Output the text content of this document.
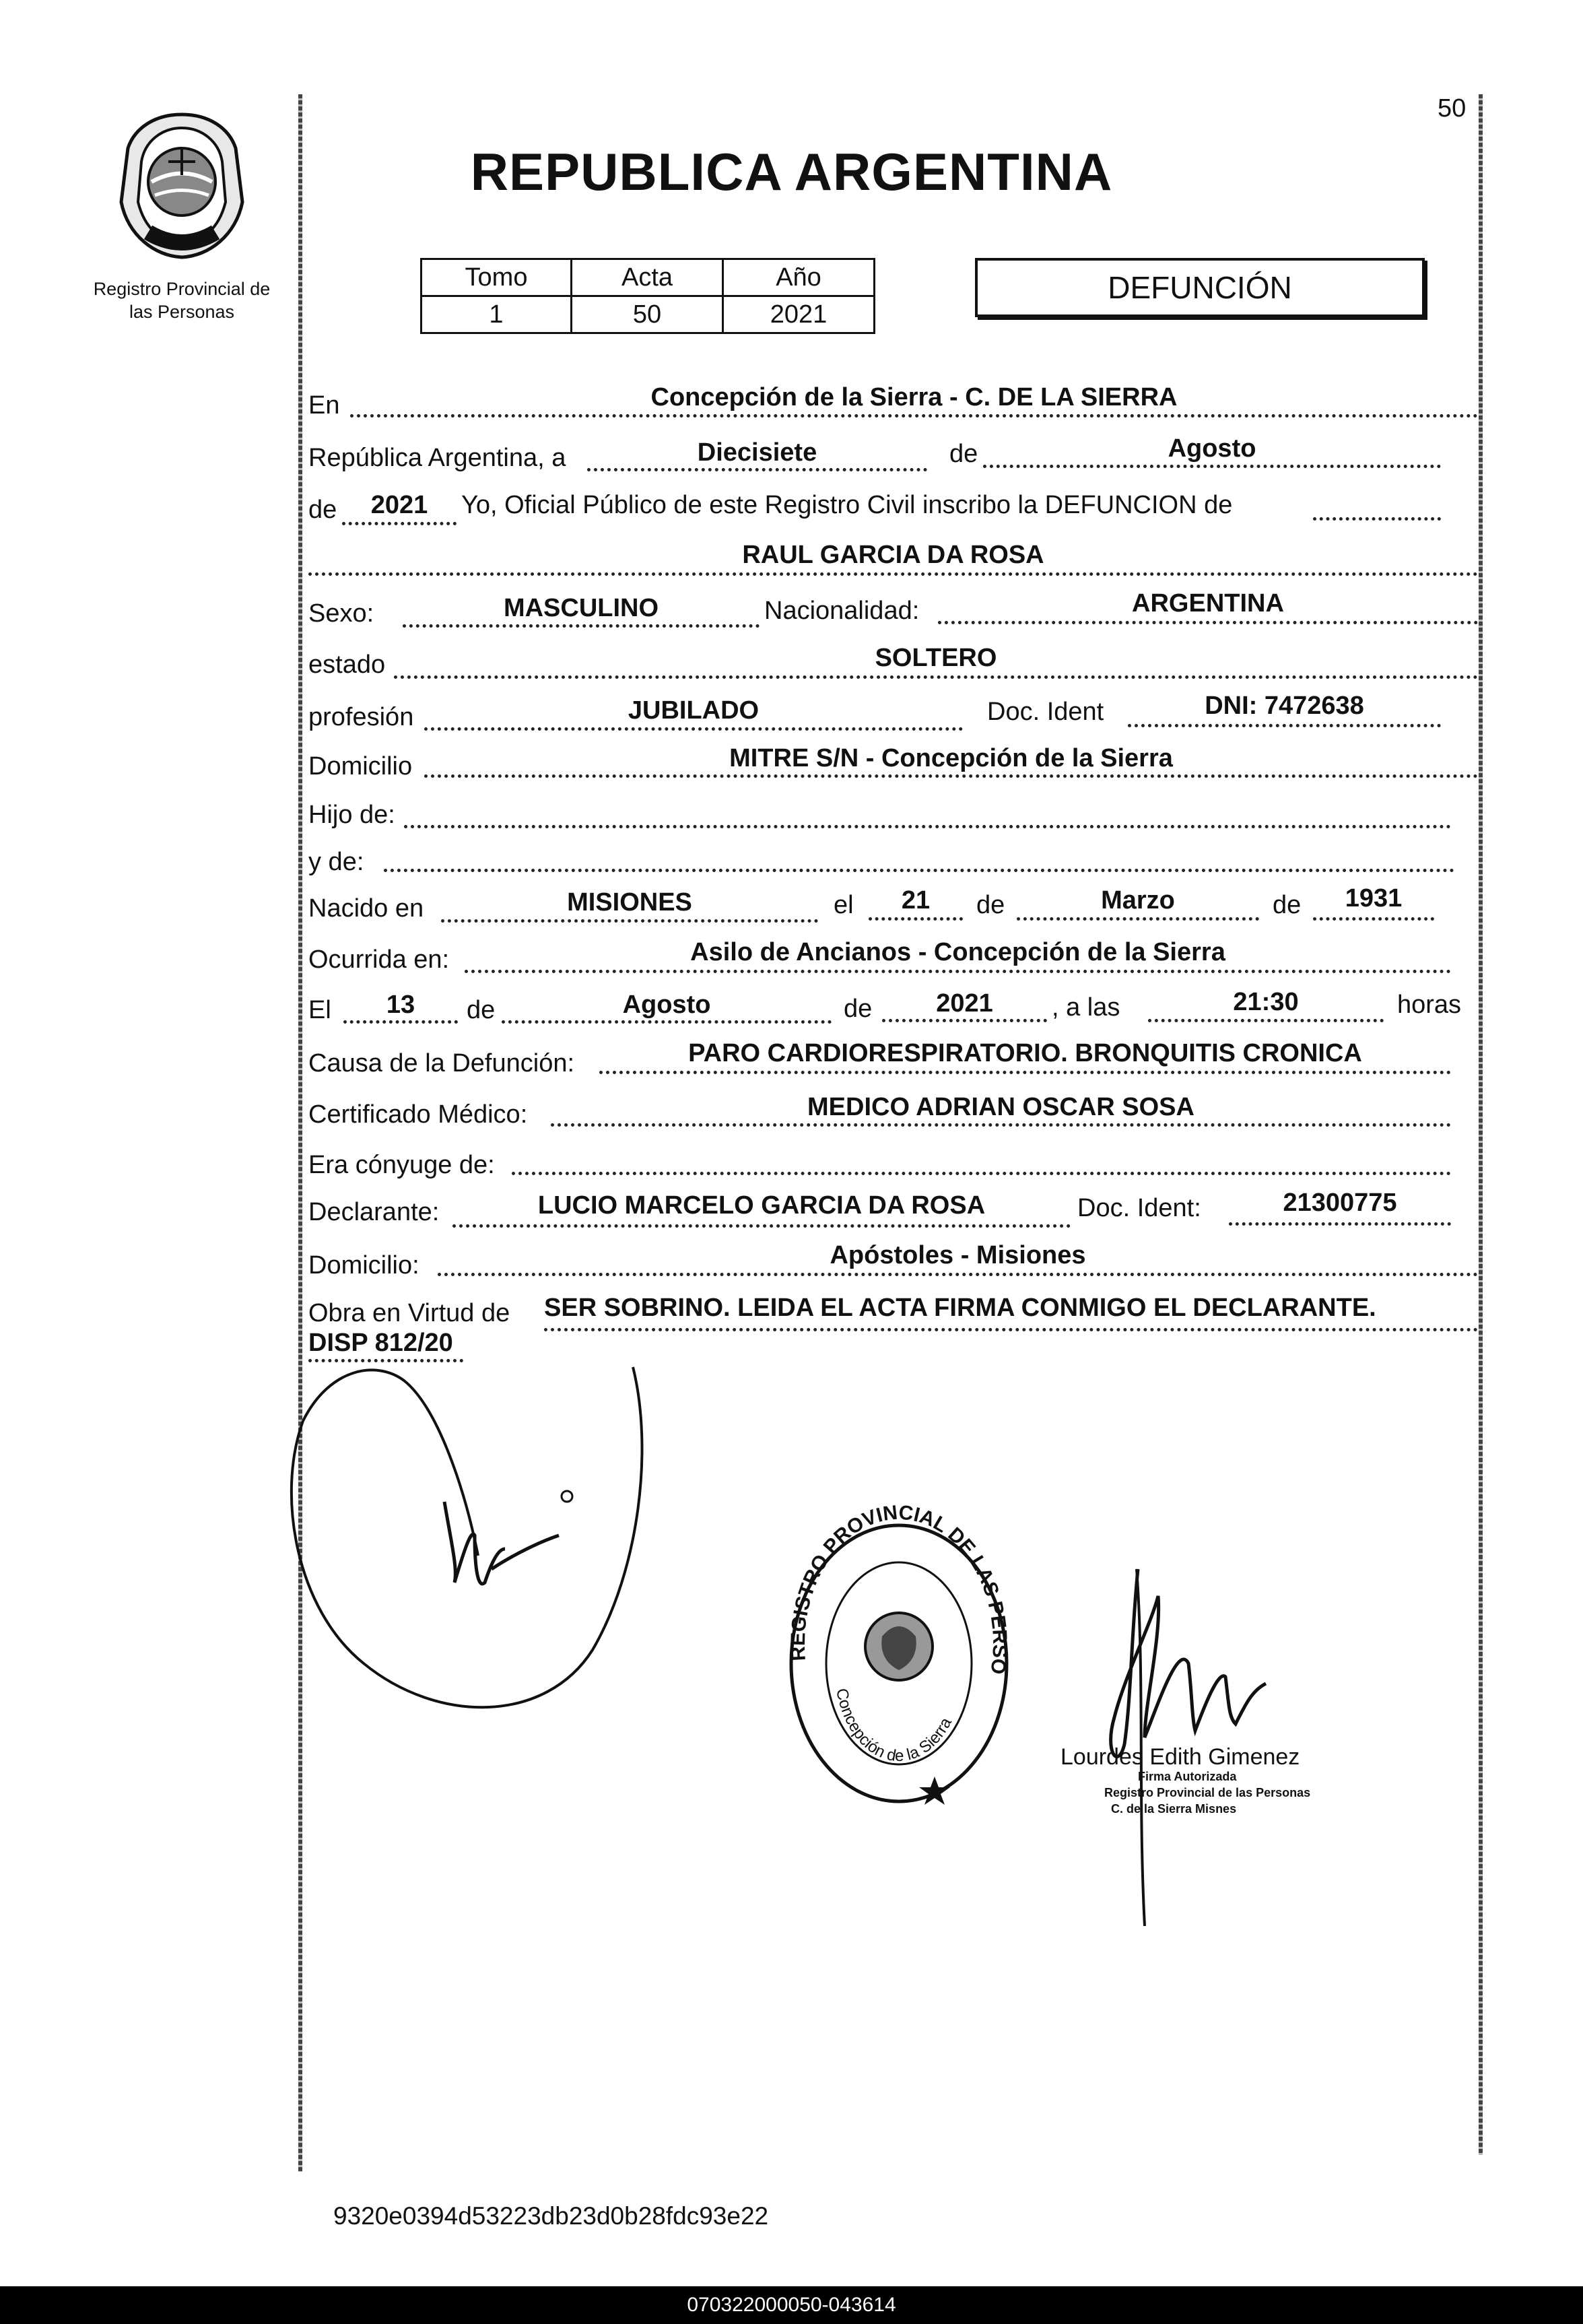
50
Registro Provincial de
las Personas
REPUBLICA ARGENTINA
Tomo	Acta	Año
1	50	2021
DEFUNCIÓN
En	Concepción de la Sierra - C. DE LA SIERRA
República Argentina, a	Diecisiete	de	Agosto
de	2021	Yo, Oficial Público de este Registro Civil inscribo la DEFUNCION de
RAUL GARCIA DA ROSA
Sexo:	MASCULINO	Nacionalidad:	ARGENTINA
estado	SOLTERO
profesión	JUBILADO	Doc. Ident	DNI: 7472638
Domicilio	MITRE S/N - Concepción de la Sierra
Hijo de:
y de:
Nacido en	MISIONES	el	21	de	Marzo	de	1931
Ocurrida en:	Asilo de Ancianos - Concepción de la Sierra
El	13	de	Agosto	de	2021	, a las	21:30	horas
Causa de la Defunción:	PARO CARDIORESPIRATORIO. BRONQUITIS CRONICA
Certificado Médico:	MEDICO ADRIAN OSCAR SOSA
Era cónyuge de:
Declarante:	LUCIO MARCELO GARCIA DA ROSA	Doc. Ident:	21300775
Domicilio:	Apóstoles - Misiones
Obra en Virtud de SER SOBRINO. LEIDA EL ACTA FIRMA CONMIGO EL DECLARANTE.
DISP 812/20
REGISTRO PROVINCIAL DE LAS PERSONAS
Concepción de la Sierra
Lourdes Edith Gimenez
Firma Autorizada
Registro Provincial de las Personas
C. de la Sierra Misnes
9320e0394d53223db23d0b28fdc93e22
070322000050-043614
